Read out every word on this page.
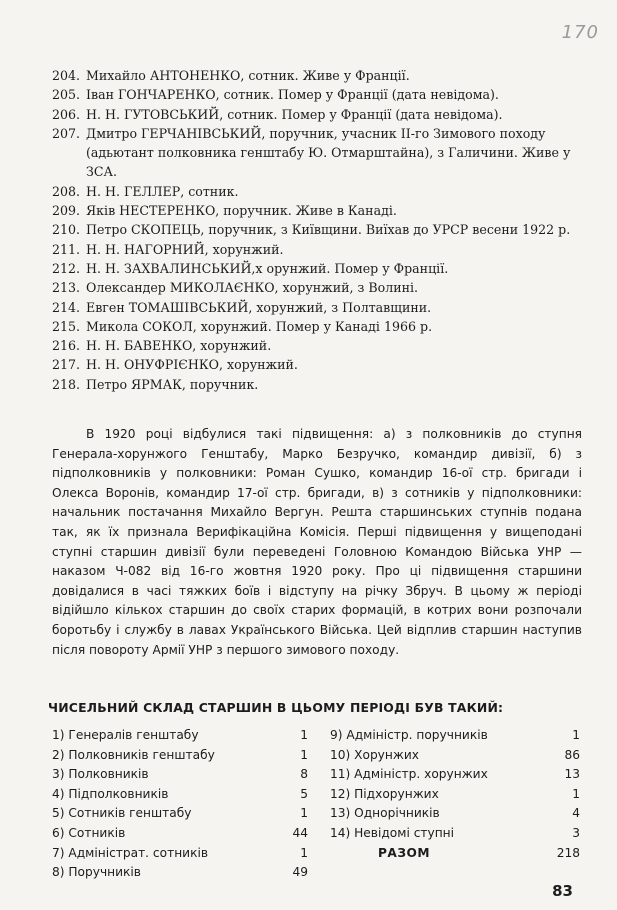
170
204. Михайло АНТОНЕНКО, сотник. Живе у Франції.
205. Іван ГОНЧАРЕНКО, сотник. Помер у Франції (дата невідома).
206. Н. Н. ГУТОВСЬКИЙ, сотник. Помер у Франції (дата невідома).
207. Дмитро ГЕРЧАНІВСЬКИЙ, поручник, учасник ІІ-го Зимового походу (адьютант полковника генштабу Ю. Отмарштайна), з Галичини. Живе у ЗСА.
208. Н. Н. ГЕЛЛЕР, сотник.
209. Яків НЕСТЕРЕНКО, поручник. Живе в Канаді.
210. Петро СКОПЕЦЬ, поручник, з Київщини. Виїхав до УРСР весени 1922 р.
211. Н. Н. НАГОРНИЙ, хорунжий.
212. Н. Н. ЗАХВАЛИНСЬКИЙ,х орунжий. Помер у Франції.
213. Олександер МИКОЛАЄНКО, хорунжий, з Волині.
214. Евген ТОМАШІВСЬКИЙ, хорунжий, з Полтавщини.
215. Микола СОКОЛ, хорунжий. Помер у Канаді 1966 р.
216. Н. Н. БАВЕНКО, хорунжий.
217. Н. Н. ОНУФРІЄНКО, хорунжий.
218. Петро ЯРМАК, поручник.

В 1920 році відбулися такі підвищення: а) з полковників до ступня Генерала-хорунжого Генштабу, Марко Безручко, командир дивізії, б) з підполковників у полковники: Роман Сушко, командир 16-ої стр. бригади і Олекса Воронів, командир 17-ої стр. бригади, в) з сотників у підполковники: начальник постачання Михайло Вергун. Решта старшинських ступнів подана так, як їх признала Верифікаційна Комісія. Перші підвищення у вищеподані ступні старшин дивізії були переведені Головною Командою Війська УНР — наказом Ч-082 від 16-го жовтня 1920 року. Про ці підвищення старшини довідалися в часі тяжких боїв і відступу на річку Збруч. В цьому ж періоді відійшло кількох старшин до своїх старих формацій, в котрих вони розпочали боротьбу і службу в лавах Українського Війська. Цей відплив старшин наступив після повороту Армії УНР з першого зимового походу.

ЧИСЕЛЬНИЙ СКЛАД СТАРШИН В ЦЬОМУ ПЕРІОДІ БУВ ТАКИЙ:
1) Генералів генштабу	1
2) Полковників генштабу	1
3) Полковників	8
4) Підполковників	5
5) Сотників генштабу	1
6) Сотників	44
7) Адміністрат. сотників	1
8) Поручників	49
9) Адміністр. поручників	1
10) Хорунжих	86
11) Адміністр. хорунжих	13
12) Підхорунжих	1
13) Однорічників	4
14) Невідомі ступні	3
РАЗОМ	218
83
